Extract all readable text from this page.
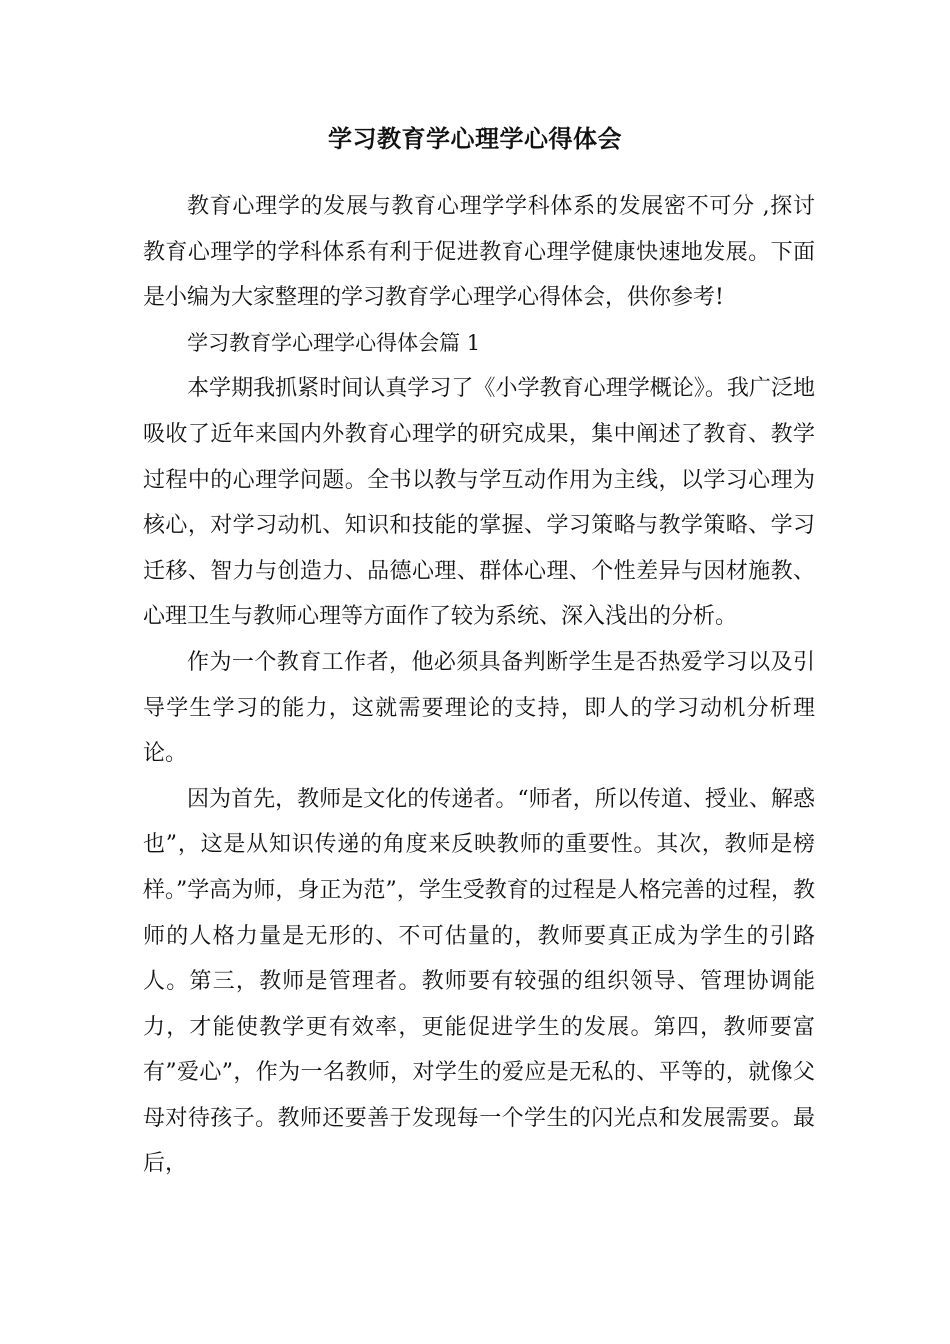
学习教育学心理学心得体会

教育心理学的发展与教育心理学学科体系的发展密不可分 ,探讨教育心理学的学科体系有利于促进教育心理学健康快速地发展。下面是小编为大家整理的学习教育学心理学心得体会，供你参考!

学习教育学心理学心得体会篇 1

本学期我抓紧时间认真学习了《小学教育心理学概论》。我广泛地吸收了近年来国内外教育心理学的研究成果，集中阐述了教育、教学过程中的心理学问题。全书以教与学互动作用为主线，以学习心理为核心，对学习动机、知识和技能的掌握、学习策略与教学策略、学习迁移、智力与创造力、品德心理、群体心理、个性差异与因材施教、心理卫生与教师心理等方面作了较为系统、深入浅出的分析。

作为一个教育工作者，他必须具备判断学生是否热爱学习以及引导学生学习的能力，这就需要理论的支持，即人的学习动机分析理论。

因为首先，教师是文化的传递者。“师者，所以传道、授业、解惑也”，这是从知识传递的角度来反映教师的重要性。其次，教师是榜样。”学高为师，身正为范”，学生受教育的过程是人格完善的过程，教师的人格力量是无形的、不可估量的，教师要真正成为学生的引路人。第三，教师是管理者。教师要有较强的组织领导、管理协调能力，才能使教学更有效率，更能促进学生的发展。第四，教师要富有”爱心”，作为一名教师，对学生的爱应是无私的、平等的，就像父母对待孩子。教师还要善于发现每一个学生的闪光点和发展需要。最后，
